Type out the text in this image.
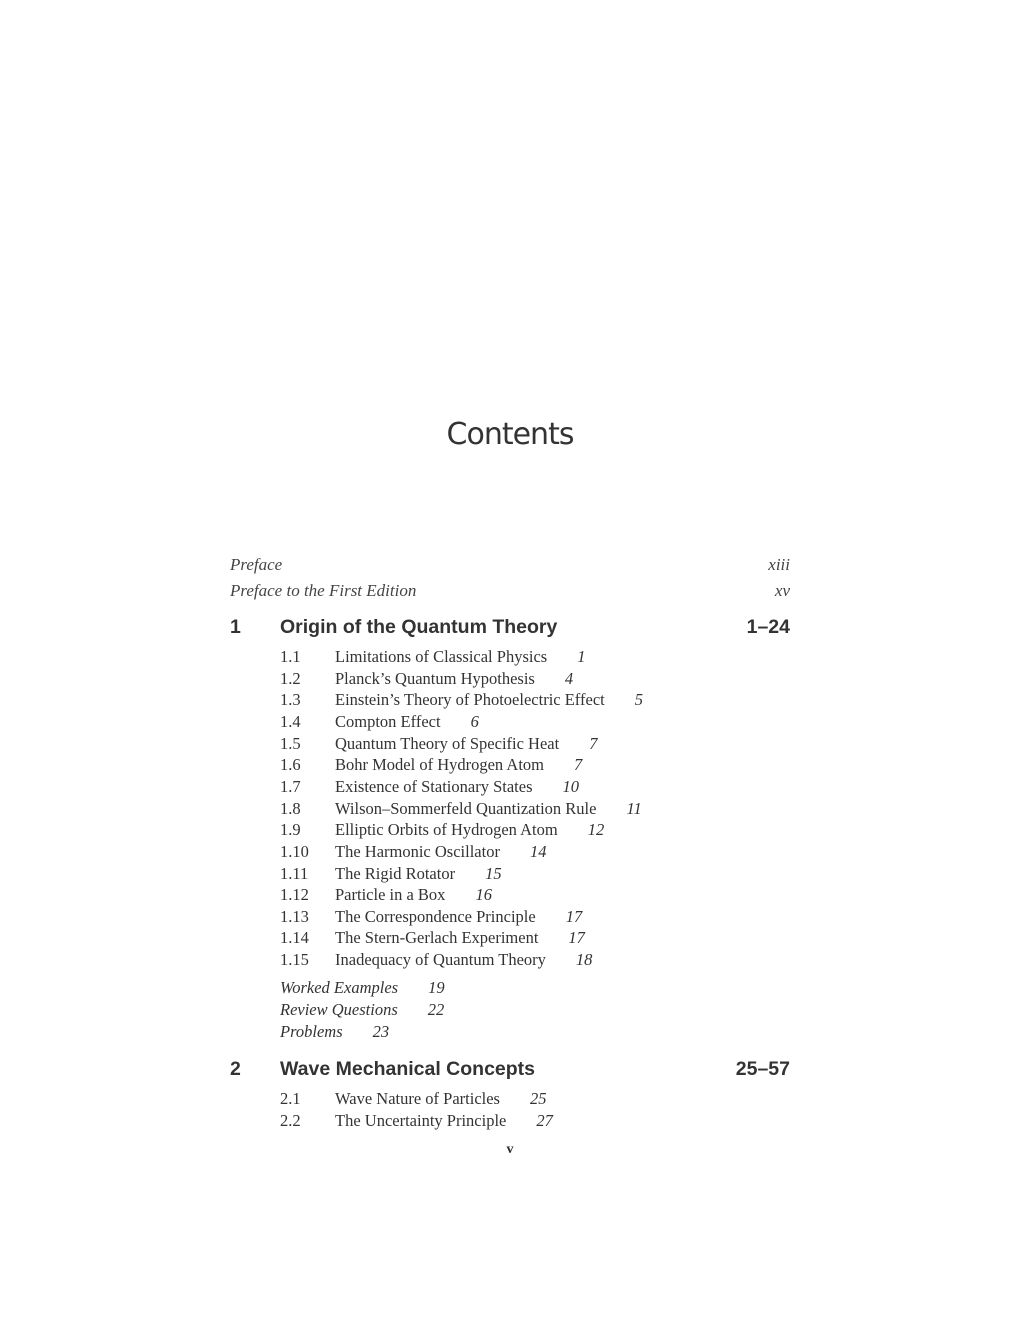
Contents
Preface	xiii
Preface to the First Edition	xv
1 Origin of the Quantum Theory	1–24
1.1 Limitations of Classical Physics 1
1.2 Planck’s Quantum Hypothesis 4
1.3 Einstein’s Theory of Photoelectric Effect 5
1.4 Compton Effect 6
1.5 Quantum Theory of Specific Heat 7
1.6 Bohr Model of Hydrogen Atom 7
1.7 Existence of Stationary States 10
1.8 Wilson–Sommerfeld Quantization Rule 11
1.9 Elliptic Orbits of Hydrogen Atom 12
1.10 The Harmonic Oscillator 14
1.11 The Rigid Rotator 15
1.12 Particle in a Box 16
1.13 The Correspondence Principle 17
1.14 The Stern-Gerlach Experiment 17
1.15 Inadequacy of Quantum Theory 18
Worked Examples 19
Review Questions 22
Problems 23
2 Wave Mechanical Concepts	25–57
2.1 Wave Nature of Particles 25
2.2 The Uncertainty Principle 27
v
